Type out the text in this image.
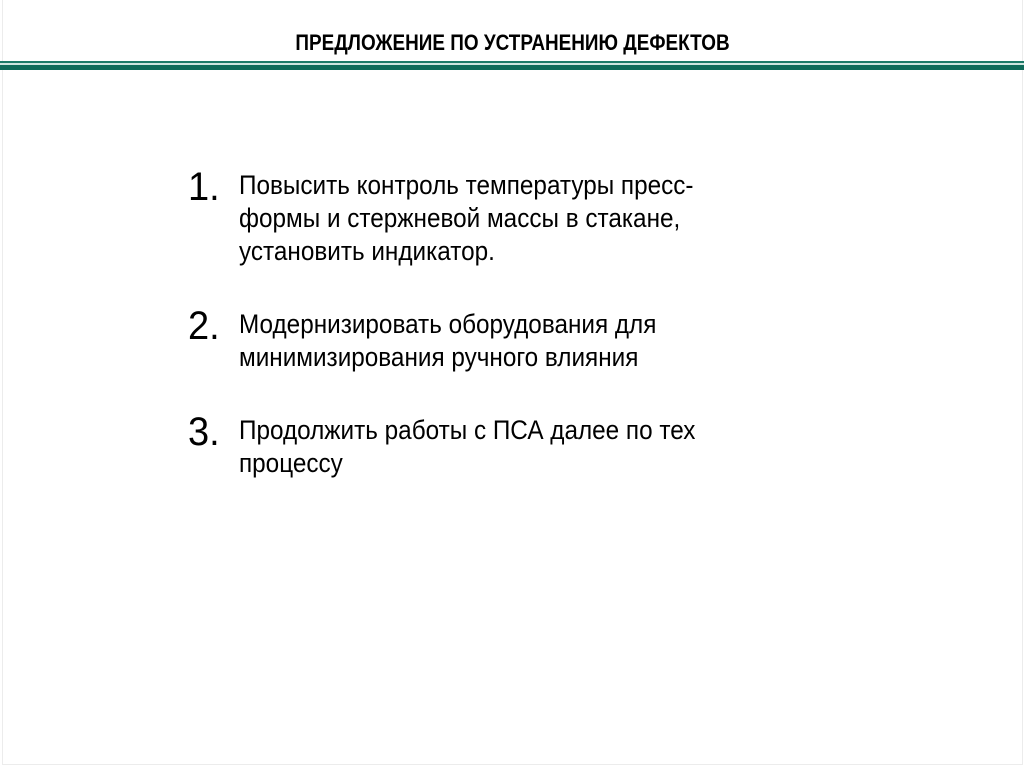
ПРЕДЛОЖЕНИЕ ПО УСТРАНЕНИЮ ДЕФЕКТОВ
1. Повысить контроль температуры пресс-
формы и стержневой массы в стакане,
установить индикатор.
2. Модернизировать оборудования для
минимизирования ручного влияния
3. Продолжить работы с ПСА далее по тех
процессу
